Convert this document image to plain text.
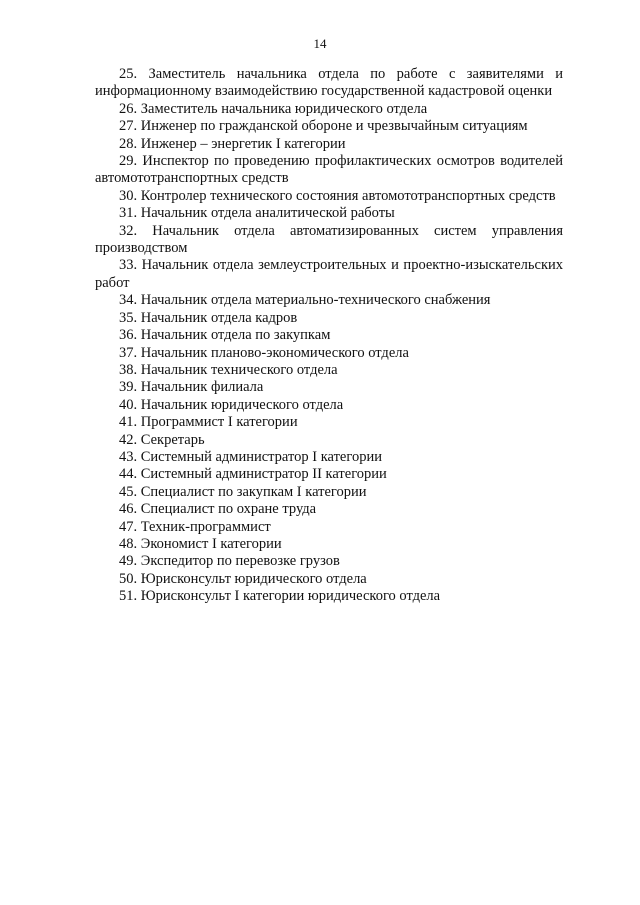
14
25. Заместитель начальника отдела по работе с заявителями и информационному взаимодействию государственной кадастровой оценки
26. Заместитель начальника юридического отдела
27. Инженер по гражданской обороне и чрезвычайным ситуациям
28. Инженер – энергетик I категории
29. Инспектор по проведению профилактических осмотров водителей автомототранспортных средств
30. Контролер технического состояния автомототранспортных средств
31. Начальник отдела аналитической работы
32. Начальник отдела автоматизированных систем управления производством
33. Начальник отдела землеустроительных и проектно-изыскательских работ
34. Начальник отдела материально-технического снабжения
35. Начальник отдела кадров
36. Начальник отдела по закупкам
37. Начальник планово-экономического отдела
38. Начальник технического отдела
39. Начальник филиала
40. Начальник юридического отдела
41. Программист I категории
42. Секретарь
43. Системный администратор I категории
44. Системный администратор II категории
45. Специалист по закупкам I категории
46. Специалист по охране труда
47. Техник-программист
48. Экономист I категории
49. Экспедитор по перевозке грузов
50. Юрисконсульт юридического отдела
51. Юрисконсульт I категории юридического отдела
